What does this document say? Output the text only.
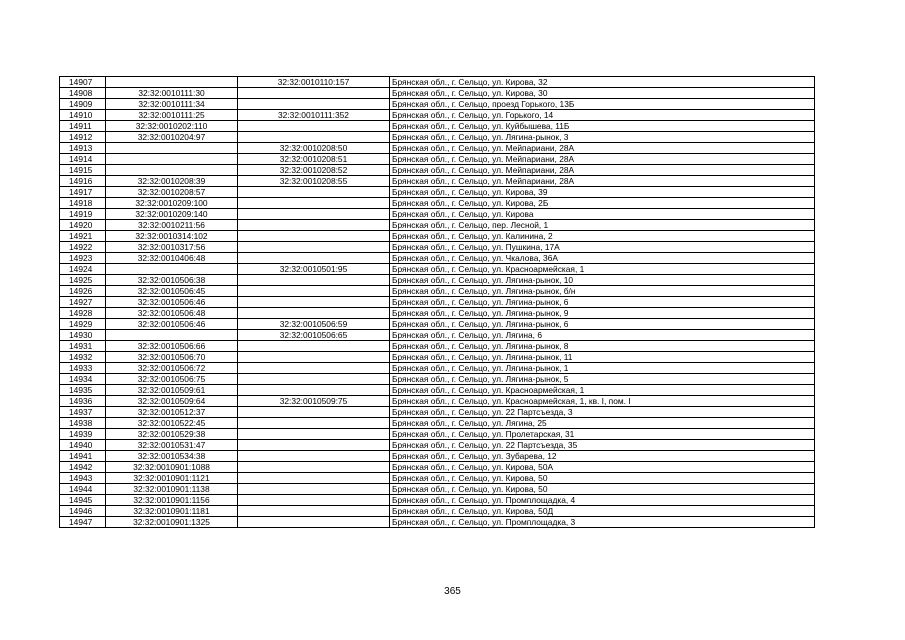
14907		32:32:0010110:157	Брянская обл., г. Сельцо, ул. Кирова, 32
14908	32:32:0010111:30		Брянская обл., г. Сельцо, ул. Кирова, 30
14909	32:32:0010111:34		Брянская обл., г. Сельцо, проезд Горького, 13Б
14910	32:32:0010111:25	32:32:0010111:352	Брянская обл., г. Сельцо, ул. Горького, 14
14911	32:32:0010202:110		Брянская обл., г. Сельцо, ул. Куйбышева, 11Б
14912	32:32:0010204:97		Брянская обл., г. Сельцо, ул. Лягина-рынок, 3
14913		32:32:0010208:50	Брянская обл., г. Сельцо, ул. Мейпариани, 28А
14914		32:32:0010208:51	Брянская обл., г. Сельцо, ул. Мейпариани, 28А
14915		32:32:0010208:52	Брянская обл., г. Сельцо, ул. Мейпариани, 28А
14916	32:32:0010208:39	32:32:0010208:55	Брянская обл., г. Сельцо, ул. Мейпариани, 28А
14917	32:32:0010208:57		Брянская обл., г. Сельцо, ул. Кирова, 39
14918	32:32:0010209:100		Брянская обл., г. Сельцо, ул. Кирова, 2Б
14919	32:32:0010209:140		Брянская обл., г. Сельцо, ул. Кирова
14920	32:32:0010211:56		Брянская обл., г. Сельцо, пер. Лесной, 1
14921	32:32:0010314:102		Брянская обл., г. Сельцо, ул. Калинина, 2
14922	32:32:0010317:56		Брянская обл., г. Сельцо, ул. Пушкина, 17А
14923	32:32:0010406:48		Брянская обл., г. Сельцо, ул. Чкалова, 36А
14924		32:32:0010501:95	Брянская обл., г. Сельцо, ул. Красноармейская, 1
14925	32:32:0010506:38		Брянская обл., г. Сельцо, ул. Лягина-рынок, 10
14926	32:32:0010506:45		Брянская обл., г. Сельцо, ул. Лягина-рынок, б/н
14927	32:32:0010506:46		Брянская обл., г. Сельцо, ул. Лягина-рынок, 6
14928	32:32:0010506:48		Брянская обл., г. Сельцо, ул. Лягина-рынок, 9
14929	32:32:0010506:46	32:32:0010506:59	Брянская обл., г. Сельцо, ул. Лягина-рынок, 6
14930		32:32:0010506:65	Брянская обл., г. Сельцо, ул. Лягина, 6
14931	32:32:0010506:66		Брянская обл., г. Сельцо, ул. Лягина-рынок, 8
14932	32:32:0010506:70		Брянская обл., г. Сельцо, ул. Лягина-рынок, 11
14933	32:32:0010506:72		Брянская обл., г. Сельцо, ул. Лягина-рынок, 1
14934	32:32:0010506:75		Брянская обл., г. Сельцо, ул. Лягина-рынок, 5
14935	32:32:0010509:61		Брянская обл., г. Сельцо, ул. Красноармейская, 1
14936	32:32:0010509:64	32:32:0010509:75	Брянская обл., г. Сельцо, ул. Красноармейская, 1, кв. I, пом. I
14937	32:32:0010512:37		Брянская обл., г. Сельцо, ул. 22 Партсъезда, 3
14938	32:32:0010522:45		Брянская обл., г. Сельцо, ул. Лягина, 25
14939	32:32:0010529:38		Брянская обл., г. Сельцо, ул. Пролетарская, 31
14940	32:32:0010531:47		Брянская обл., г. Сельцо, ул. 22 Партсъезда, 35
14941	32:32:0010534:38		Брянская обл., г. Сельцо, ул. Зубарева, 12
14942	32:32:0010901:1088		Брянская обл., г. Сельцо, ул. Кирова, 50А
14943	32:32:0010901:1121		Брянская обл., г. Сельцо, ул. Кирова, 50
14944	32:32:0010901:1138		Брянская обл., г. Сельцо, ул. Кирова, 50
14945	32:32:0010901:1156		Брянская обл., г. Сельцо, ул. Промплощадка, 4
14946	32:32:0010901:1181		Брянская обл., г. Сельцо, ул. Кирова, 50Д
14947	32:32:0010901:1325		Брянская обл., г. Сельцо, ул. Промплощадка, 3
365
